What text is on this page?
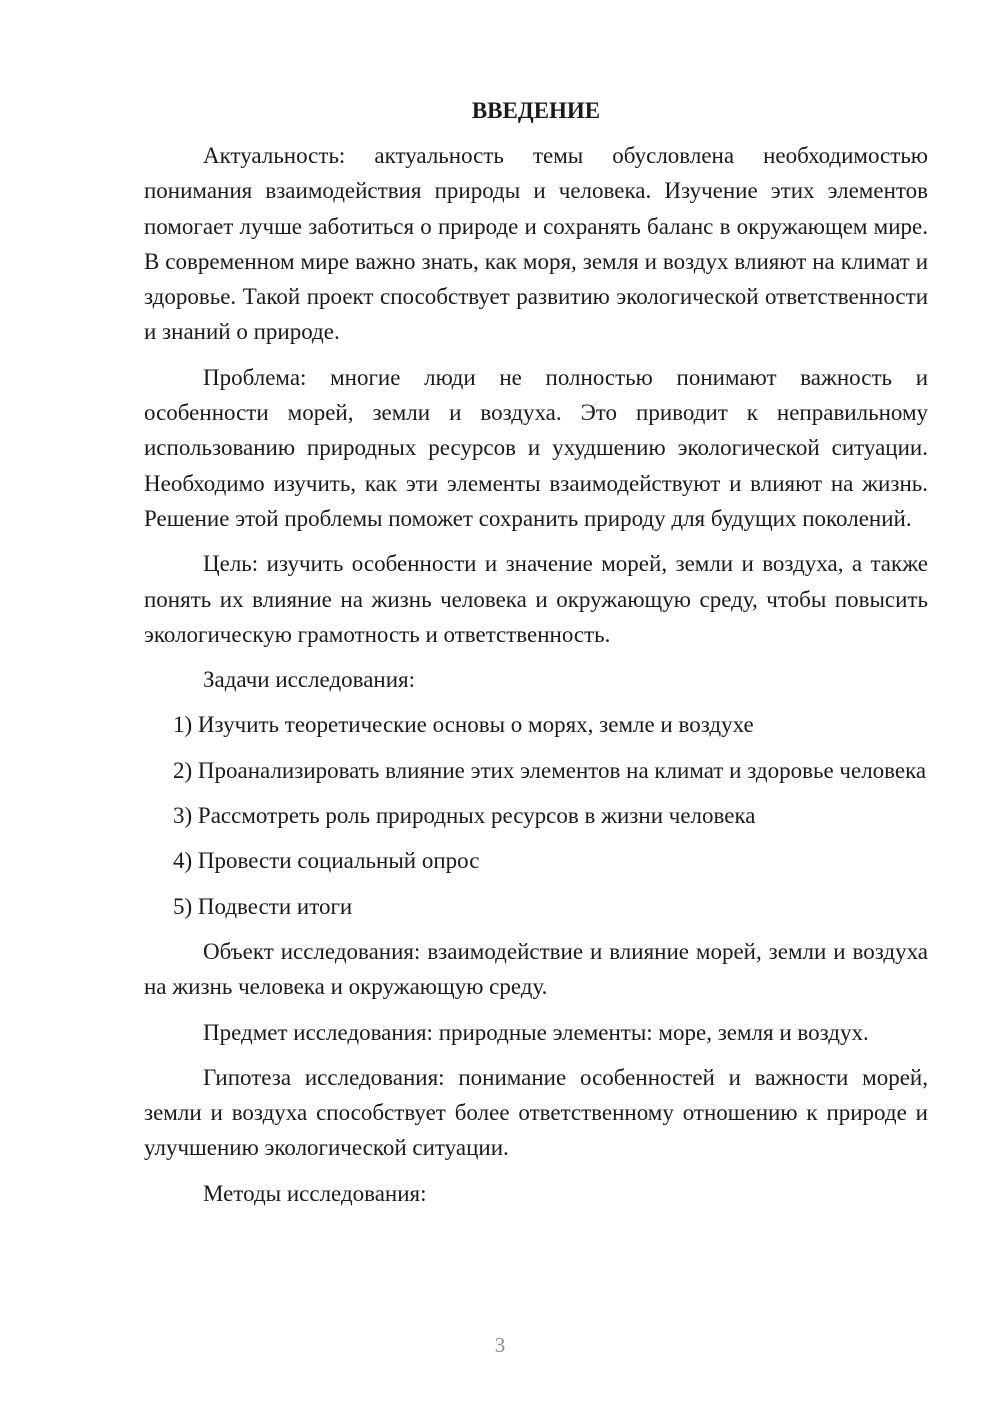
ВВЕДЕНИЕ

Актуальность: актуальность темы обусловлена необходимостью понимания взаимодействия природы и человека. Изучение этих элементов помогает лучше заботиться о природе и сохранять баланс в окружающем мире. В современном мире важно знать, как моря, земля и воздух влияют на климат и здоровье. Такой проект способствует развитию экологической ответственности и знаний о природе.

Проблема: многие люди не полностью понимают важность и особенности морей, земли и воздуха. Это приводит к неправильному использованию природных ресурсов и ухудшению экологической ситуации. Необходимо изучить, как эти элементы взаимодействуют и влияют на жизнь. Решение этой проблемы поможет сохранить природу для будущих поколений.

Цель: изучить особенности и значение морей, земли и воздуха, а также понять их влияние на жизнь человека и окружающую среду, чтобы повысить экологическую грамотность и ответственность.

Задачи исследования:

1) Изучить теоретические основы о морях, земле и воздухе

2) Проанализировать влияние этих элементов на климат и здоровье человека

3) Рассмотреть роль природных ресурсов в жизни человека

4) Провести социальный опрос

5) Подвести итоги

Объект исследования: взаимодействие и влияние морей, земли и воздуха на жизнь человека и окружающую среду.

Предмет исследования: природные элементы: море, земля и воздух.

Гипотеза исследования: понимание особенностей и важности морей, земли и воздуха способствует более ответственному отношению к природе и улучшению экологической ситуации.

Методы исследования:

3
